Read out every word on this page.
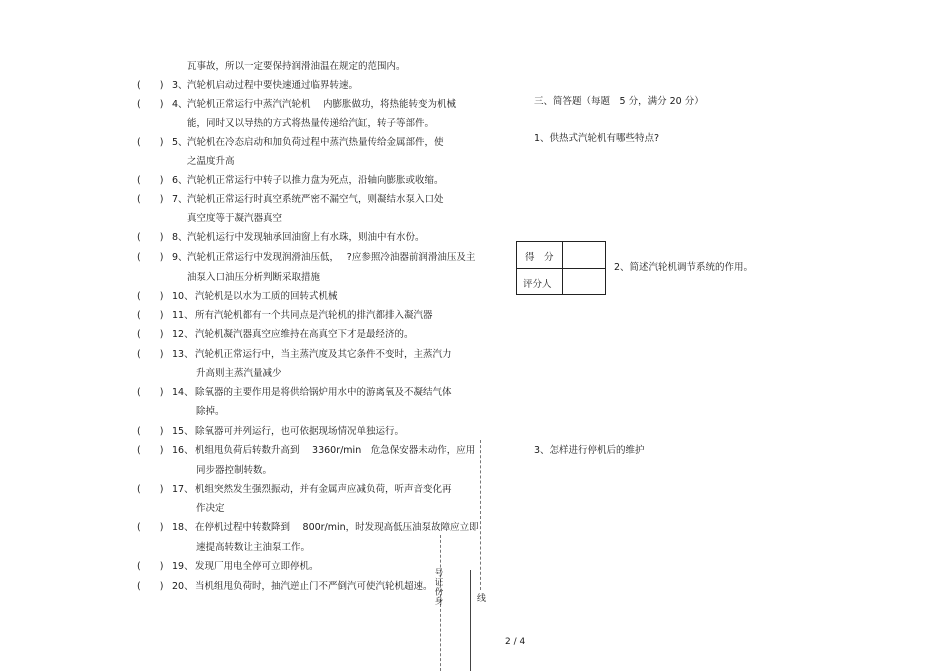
瓦事故，所以一定要保持润滑油温在规定的范围内。
(　　) 3、 汽轮机启动过程中要快速通过临界转速。
(　　) 4、 汽轮机正常运行中蒸汽汽轮机　 内膨胀做功，将热能转变为机械
能，同时又以导热的方式将热量传递给汽缸，转子等部件。
(　　) 5、 汽轮机在冷态启动和加负荷过程中蒸汽热量传给金属部件，使
之温度升高
(　　) 6、 汽轮机正常运行中转子以推力盘为死点，沿轴向膨胀或收缩。
(　　) 7、 汽轮机正常运行时真空系统严密不漏空气，则凝结水泵入口处
真空度等于凝汽器真空
(　　) 8、 汽轮机运行中发现轴承回油窗上有水珠，则油中有水份。
(　　) 9、 汽轮机正常运行中发现润滑油压低，　 ?应参照冷油器前润滑油压及主
油泵入口油压分析判断采取措施
(　　) 10、 汽轮机是以水为工质的回转式机械
(　　) 11、 所有汽轮机都有一个共同点是汽轮机的排汽都排入凝汽器
(　　) 12、 汽轮机凝汽器真空应维持在高真空下才是最经济的。
(　　) 13、 汽轮机正常运行中，当主蒸汽度及其它条件不变时，主蒸汽力
升高则主蒸汽量减少
(　　) 14、 除氧器的主要作用是将供给锅炉用水中的游离氧及不凝结气体
除掉。
(　　) 15、 除氧器可并列运行，也可依据现场情况单独运行。
(　　) 16、 机组甩负荷后转数升高到　 3360r/min　危急保安器未动作，应用
同步器控制转数。
(　　) 17、 机组突然发生强烈振动，并有金属声应减负荷，听声音变化再
作决定
(　　) 18、 在停机过程中转数降到　 800r/min，时发现高低压油泵故障应立即
速提高转数让主油泵工作。
(　　) 19、 发现厂用电全停可立即停机。
(　　) 20、 当机组甩负荷时，抽汽逆止门不严倒汽可使汽轮机超速。
三、简答题（每题　5 分，满分 20 分）
1、供热式汽轮机有哪些特点?
得　分
评分人
2、简述汽轮机调节系统的作用。
3、怎样进行停机后的维护
号证份身	线
2 / 4
